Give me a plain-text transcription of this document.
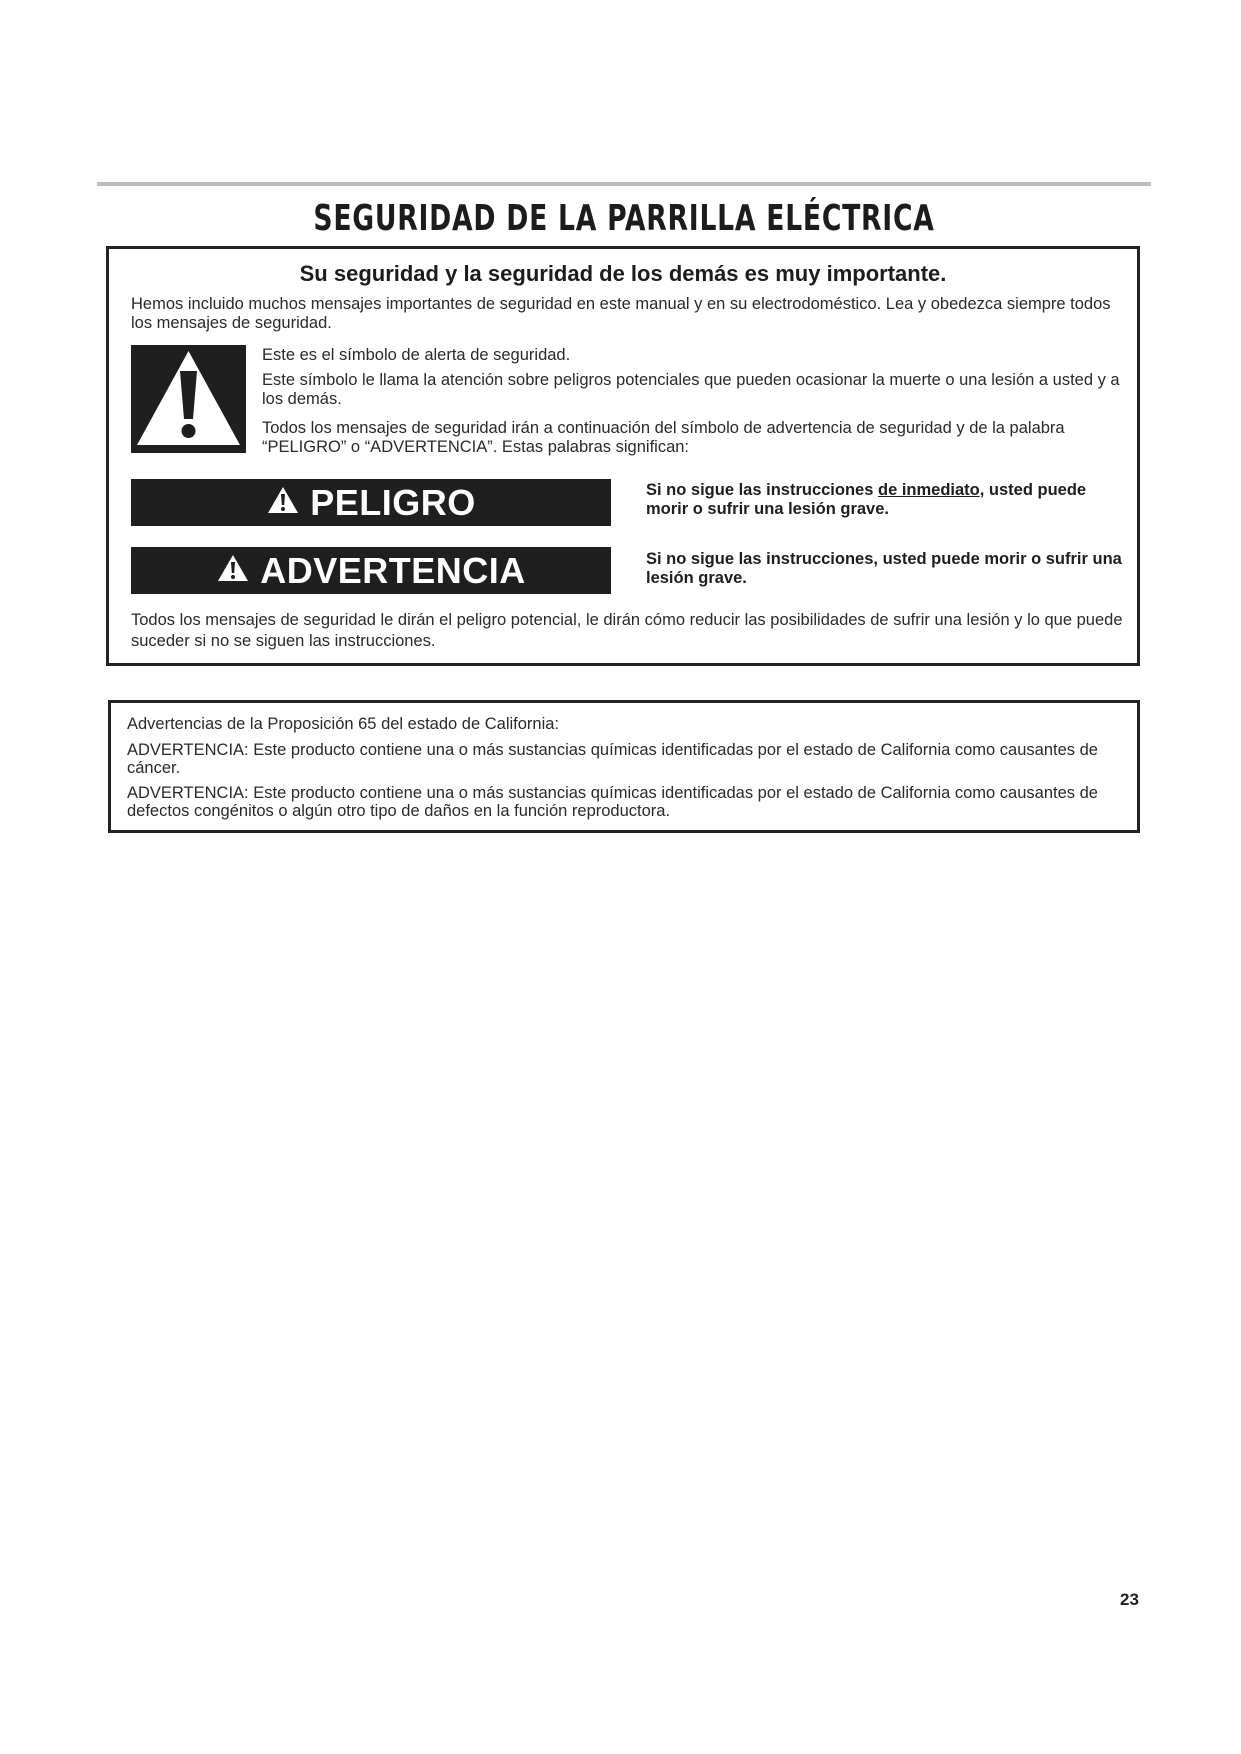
SEGURIDAD DE LA PARRILLA ELÉCTRICA
Su seguridad y la seguridad de los demás es muy importante.
Hemos incluido muchos mensajes importantes de seguridad en este manual y en su electrodoméstico. Lea y obedezca siempre todos los mensajes de seguridad.
Este es el símbolo de alerta de seguridad.
Este símbolo le llama la atención sobre peligros potenciales que pueden ocasionar la muerte o una lesión a usted y a los demás.
Todos los mensajes de seguridad irán a continuación del símbolo de advertencia de seguridad y de la palabra “PELIGRO” o “ADVERTENCIA”. Estas palabras significan:
PELIGRO	Si no sigue las instrucciones de inmediato, usted puede morir o sufrir una lesión grave.
ADVERTENCIA	Si no sigue las instrucciones, usted puede morir o sufrir una lesión grave.
Todos los mensajes de seguridad le dirán el peligro potencial, le dirán cómo reducir las posibilidades de sufrir una lesión y lo que puede suceder si no se siguen las instrucciones.
Advertencias de la Proposición 65 del estado de California:
ADVERTENCIA: Este producto contiene una o más sustancias químicas identificadas por el estado de California como causantes de cáncer.
ADVERTENCIA: Este producto contiene una o más sustancias químicas identificadas por el estado de California como causantes de defectos congénitos o algún otro tipo de daños en la función reproductora.
23
